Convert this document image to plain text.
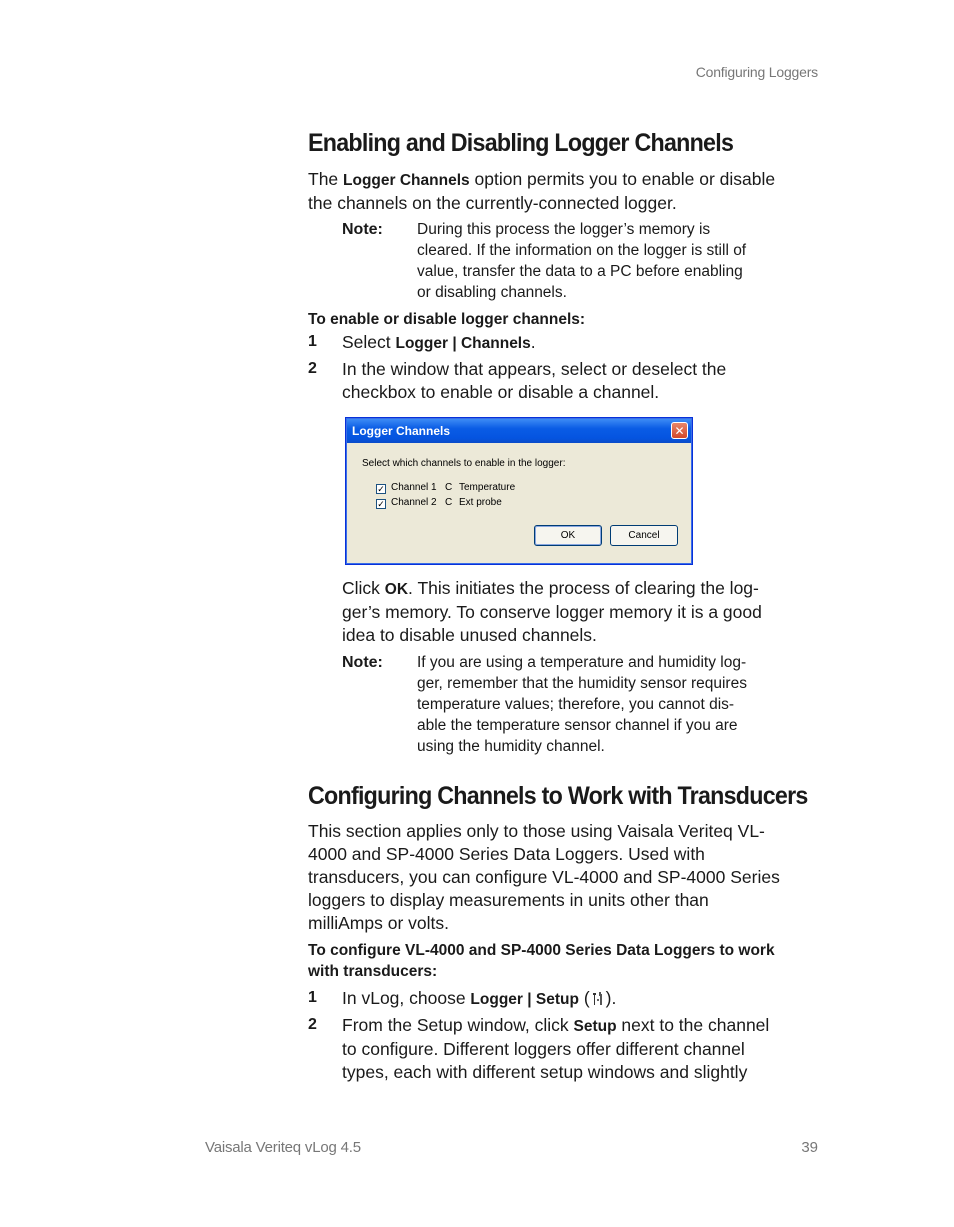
Configuring Loggers
Enabling and Disabling Logger Channels

The Logger Channels option permits you to enable or disable

the channels on the currently-connected logger.

Note: During this process the logger’s memory is

cleared. If the information on the logger is still of

value, transfer the data to a PC before enabling

or disabling channels.

To enable or disable logger channels:

1 Select Logger | Channels.

2 In the window that appears, select or deselect the

checkbox to enable or disable a channel.

Logger Channels	✕
Select which channels to enable in the logger:
✓ Channel 1 C Temperature
✓ Channel 2 C Ext probe
OK	Cancel

Click OK. This initiates the process of clearing the log-

ger’s memory. To conserve logger memory it is a good

idea to disable unused channels.

Note: If you are using a temperature and humidity log-

ger, remember that the humidity sensor requires

temperature values; therefore, you cannot dis-

able the temperature sensor channel if you are

using the humidity channel.

Configuring Channels to Work with Transducers

This section applies only to those using Vaisala Veriteq VL-

4000 and SP-4000 Series Data Loggers. Used with

transducers, you can configure VL-4000 and SP-4000 Series

loggers to display measurements in units other than

milliAmps or volts.

To configure VL-4000 and SP-4000 Series Data Loggers to work

with transducers:

1 In vLog, choose Logger | Setup ( ).

2 From the Setup window, click Setup next to the channel

to configure. Different loggers offer different channel

types, each with different setup windows and slightly

Vaisala Veriteq vLog 4.5	39
